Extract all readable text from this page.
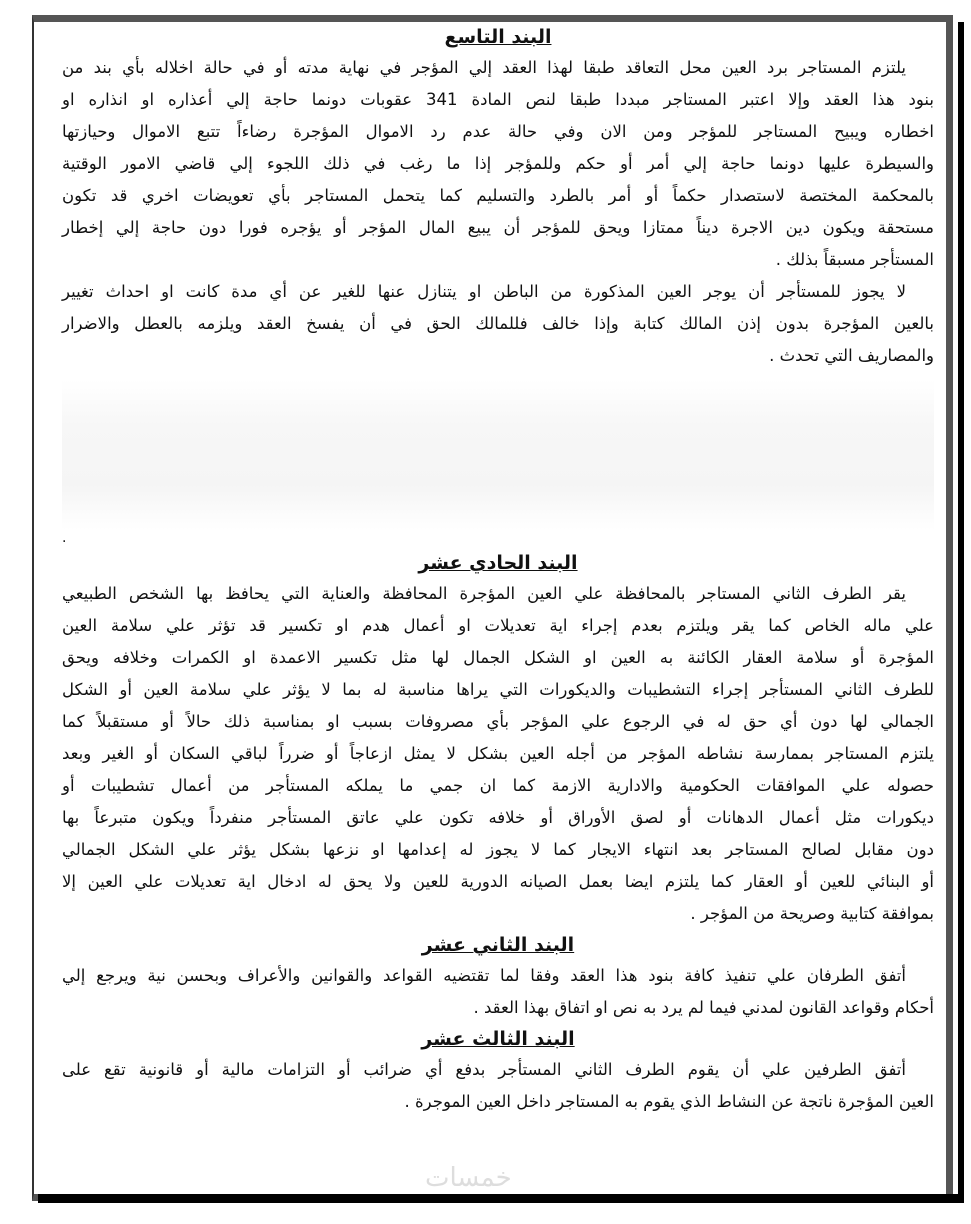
البند التاسع
يلتزم المستاجر برد العين محل التعاقد طبقا لهذا العقد إلي المؤجر في نهاية مدته أو في حالة اخلاله بأي بند من
بنود هذا العقد وإلا اعتبر المستاجر مبددا طبقا لنص المادة 341 عقوبات دونما حاجة إلي أعذاره او انذاره او
اخطاره ويبيح المستاجر للمؤجر ومن الان وفي حالة عدم رد الاموال المؤجرة رضاءاً تتبع الاموال وحيازتها
والسيطرة عليها دونما حاجة إلي أمر أو حكم وللمؤجر إذا ما رغب في ذلك اللجوء إلي قاضي الامور الوقتية
بالمحكمة المختصة لاستصدار حكماً أو أمر بالطرد والتسليم كما يتحمل المستاجر بأي تعويضات اخري قد تكون
مستحقة ويكون دين الاجرة ديناً ممتازا ويحق للمؤجر أن يبيع المال المؤجر أو يؤجره فورا دون حاجة إلي إخطار
المستأجر مسبقاً بذلك .
لا يجوز للمستأجر أن يوجر العين المذكورة من الباطن او يتنازل عنها للغير عن أي مدة كانت او احداث تغيير
بالعين المؤجرة بدون إذن المالك كتابة وإذا خالف فللمالك الحق في أن يفسخ العقد ويلزمه بالعطل والاضرار
والمصاريف التي تحدث .
.
البند الحادي عشر
يقر الطرف الثاني المستاجر بالمحافظة علي العين المؤجرة المحافظة والعناية التي يحافظ بها الشخص الطبيعي
علي ماله الخاص كما يقر ويلتزم بعدم إجراء اية تعديلات او أعمال هدم او تكسير قد تؤثر علي سلامة العين
المؤجرة أو سلامة العقار الكائنة به العين او الشكل الجمال لها مثل تكسير الاعمدة او الكمرات وخلافه ويحق
للطرف الثاني المستأجر إجراء التشطيبات والديكورات التي يراها مناسبة له بما لا يؤثر علي سلامة العين أو الشكل
الجمالي لها دون أي حق له في الرجوع علي المؤجر بأي مصروفات بسبب او بمناسبة ذلك حالاً أو مستقبلاً كما
يلتزم المستاجر بممارسة نشاطه المؤجر من أجله العين بشكل لا يمثل ازعاجاً أو ضرراً لباقي السكان أو الغير وبعد
حصوله علي الموافقات الحكومية والادارية الازمة كما ان جمي ما يملكه المستأجر من أعمال تشطيبات أو
ديكورات مثل أعمال الدهانات أو لصق الأوراق أو خلافه تكون علي عاتق المستأجر منفرداً ويكون متبرعاً بها
دون مقابل لصالح المستاجر بعد انتهاء الايجار كما لا يجوز له إعدامها او نزعها بشكل يؤثر علي الشكل الجمالي
أو البنائي للعين أو العقار كما يلتزم ايضا بعمل الصيانه الدورية للعين ولا يحق له ادخال اية تعديلات علي العين إلا
بموافقة كتابية وصريحة من المؤجر .
البند الثاني عشر
أتفق الطرفان علي تنفيذ كافة بنود هذا العقد وفقا لما تقتضيه القواعد والقوانين والأعراف وبحسن نية ويرجع إلي
أحكام وقواعد القانون لمدني فيما لم يرد به نص او اتفاق بهذا العقد .
البند الثالث عشر
أتفق الطرفين علي أن يقوم الطرف الثاني المستأجر بدفع أي ضرائب أو التزامات مالية أو قانونية تقع على
العين المؤجرة ناتجة عن النشاط الذي يقوم به المستاجر داخل العين الموجرة .
خمسات
